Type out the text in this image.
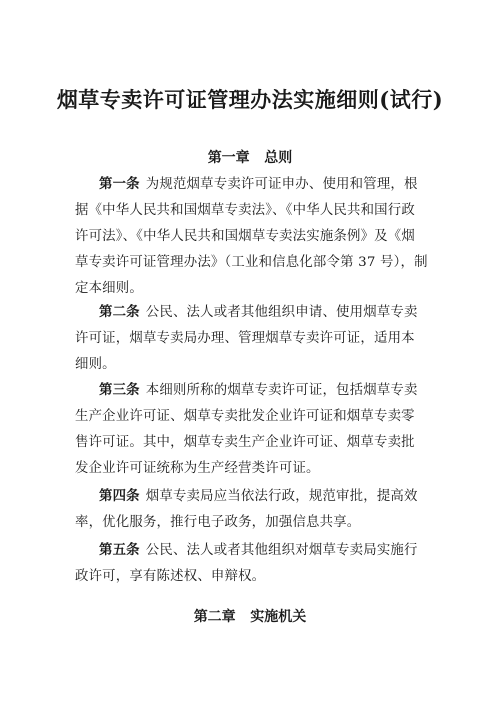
烟草专卖许可证管理办法实施细则(试行)
第一章   总则
第一条 为规范烟草专卖许可证申办、使用和管理，根
据《中华人民共和国烟草专卖法》、《中华人民共和国行政
许可法》、《中华人民共和国烟草专卖法实施条例》及《烟
草专卖许可证管理办法》（工业和信息化部令第 37 号），制
定本细则。
第二条 公民、法人或者其他组织申请、使用烟草专卖
许可证，烟草专卖局办理、管理烟草专卖许可证，适用本
细则。
第三条 本细则所称的烟草专卖许可证，包括烟草专卖
生产企业许可证、烟草专卖批发企业许可证和烟草专卖零
售许可证。其中，烟草专卖生产企业许可证、烟草专卖批
发企业许可证统称为生产经营类许可证。
第四条 烟草专卖局应当依法行政，规范审批，提高效
率，优化服务，推行电子政务，加强信息共享。
第五条 公民、法人或者其他组织对烟草专卖局实施行
政许可，享有陈述权、申辩权。
第二章   实施机关
